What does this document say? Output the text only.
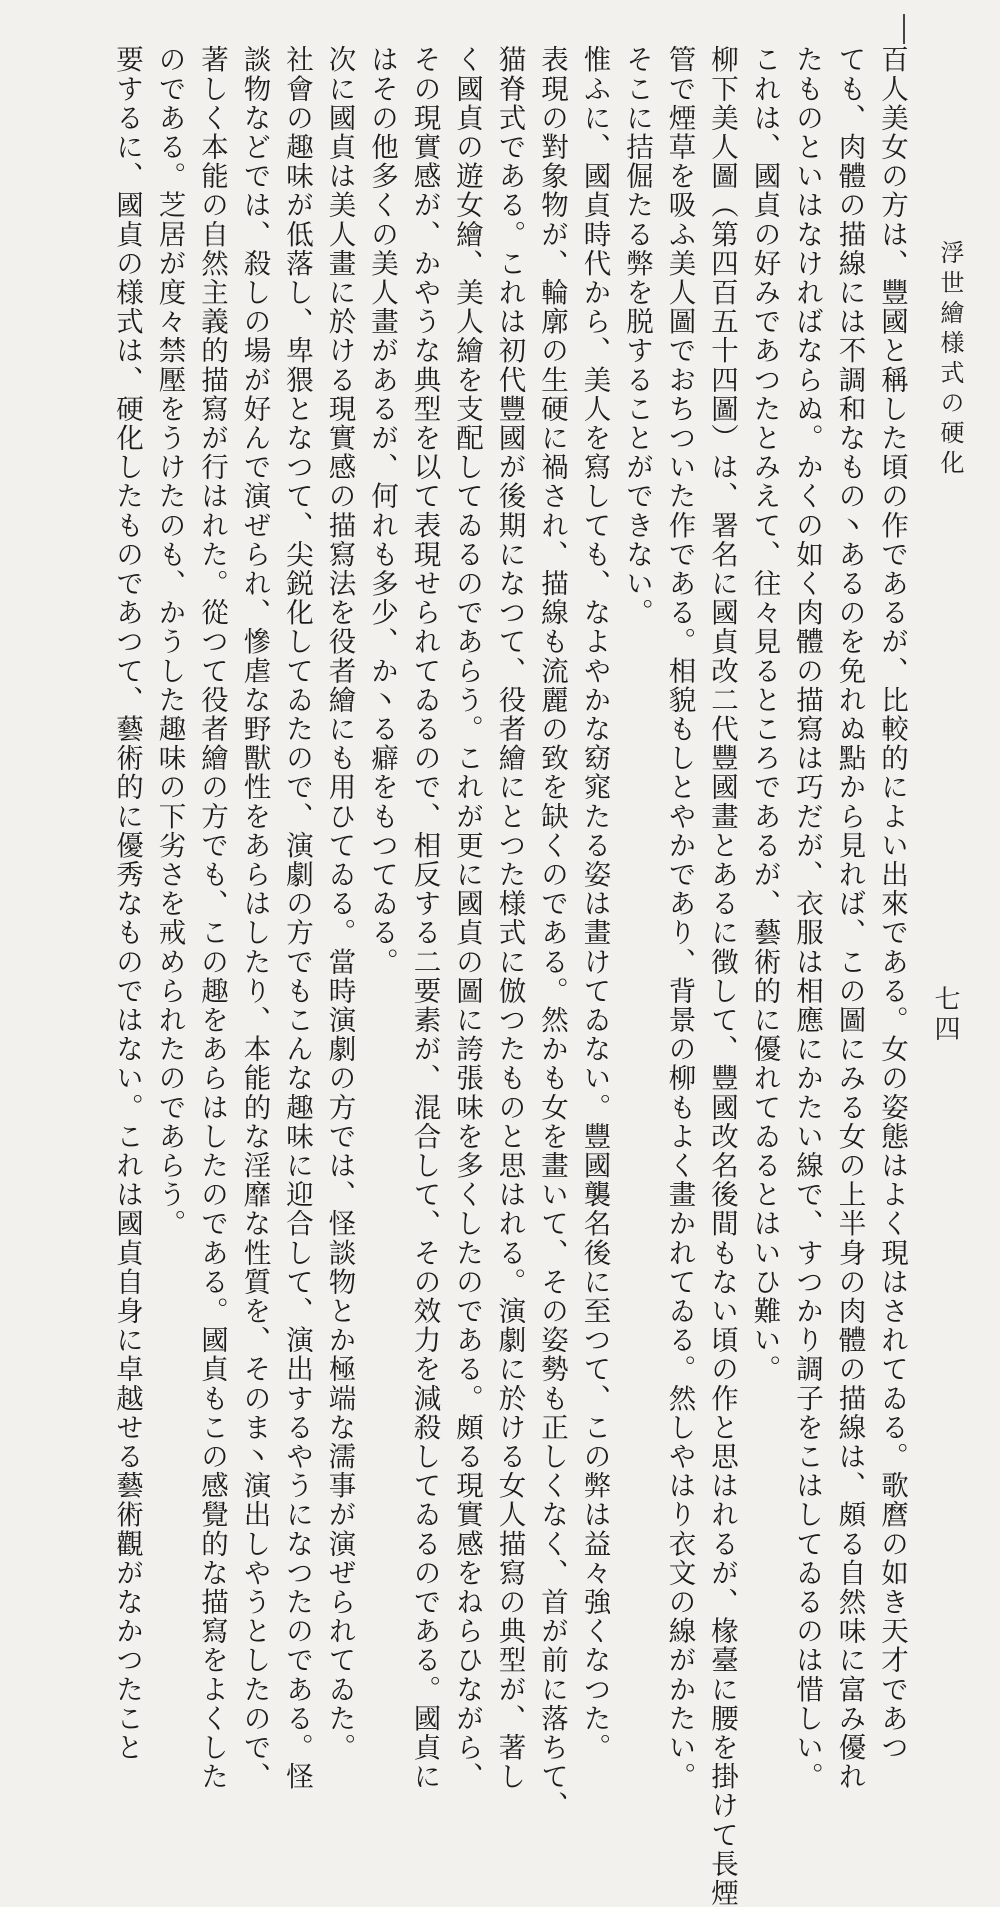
浮世繪様式の硬化
七四
百人美女の方は、豐國と稱した頃の作であるが、比較的によい出來である。女の姿態はよく現はされてゐる。歌麿の如き天才であつ
ても、肉體の描線には不調和なもの丶あるのを免れぬ點から見れば、この圖にみる女の上半身の肉體の描線は、頗る自然味に富み優れ
たものといはなければならぬ。かくの如く肉體の描寫は巧だが、衣服は相應にかたい線で、すつかり調子をこはしてゐるのは惜しい。
これは、國貞の好みであつたとみえて、往々見るところであるが、藝術的に優れてゐるとはいひ難い。
柳下美人圖（第四百五十四圖）は、署名に國貞改二代豐國畫とあるに徴して、豐國改名後間もない頃の作と思はれるが、椽臺に腰を掛けて長煙
管で煙草を吸ふ美人圖でおちついた作である。相貌もしとやかであり、背景の柳もよく畫かれてゐる。然しやはり衣文の線がかたい。
そこに拮倔たる弊を脱することができない。
惟ふに、國貞時代から、美人を寫しても、なよやかな窈窕たる姿は畫けてゐない。豐國襲名後に至つて、この弊は益々強くなつた。
表現の對象物が、輪廓の生硬に禍され、描線も流麗の致を缺くのである。然かも女を畫いて、その姿勢も正しくなく、首が前に落ちて、
猫脊式である。これは初代豐國が後期になつて、役者繪にとつた様式に倣つたものと思はれる。演劇に於ける女人描寫の典型が、著し
く國貞の遊女繪、美人繪を支配してゐるのであらう。これが更に國貞の圖に誇張味を多くしたのである。頗る現實感をねらひながら、
その現實感が、かやうな典型を以て表現せられてゐるので、相反する二要素が、混合して、その效力を減殺してゐるのである。國貞に
はその他多くの美人畫があるが、何れも多少、か丶る癖をもつてゐる。
次に國貞は美人畫に於ける現實感の描寫法を役者繪にも用ひてゐる。當時演劇の方では、怪談物とか極端な濡事が演ぜられてゐた。
社會の趣味が低落し、卑猥となつて、尖鋭化してゐたので、演劇の方でもこんな趣味に迎合して、演出するやうになつたのである。怪
談物などでは、殺しの場が好んで演ぜられ、慘虐な野獸性をあらはしたり、本能的な淫靡な性質を、そのま丶演出しやうとしたので、
著しく本能の自然主義的描寫が行はれた。從つて役者繪の方でも、この趣をあらはしたのである。國貞もこの感覺的な描寫をよくした
のである。芝居が度々禁壓をうけたのも、かうした趣味の下劣さを戒められたのであらう。
要するに、國貞の様式は、硬化したものであつて、藝術的に優秀なものではない。これは國貞自身に卓越せる藝術觀がなかつたこと
